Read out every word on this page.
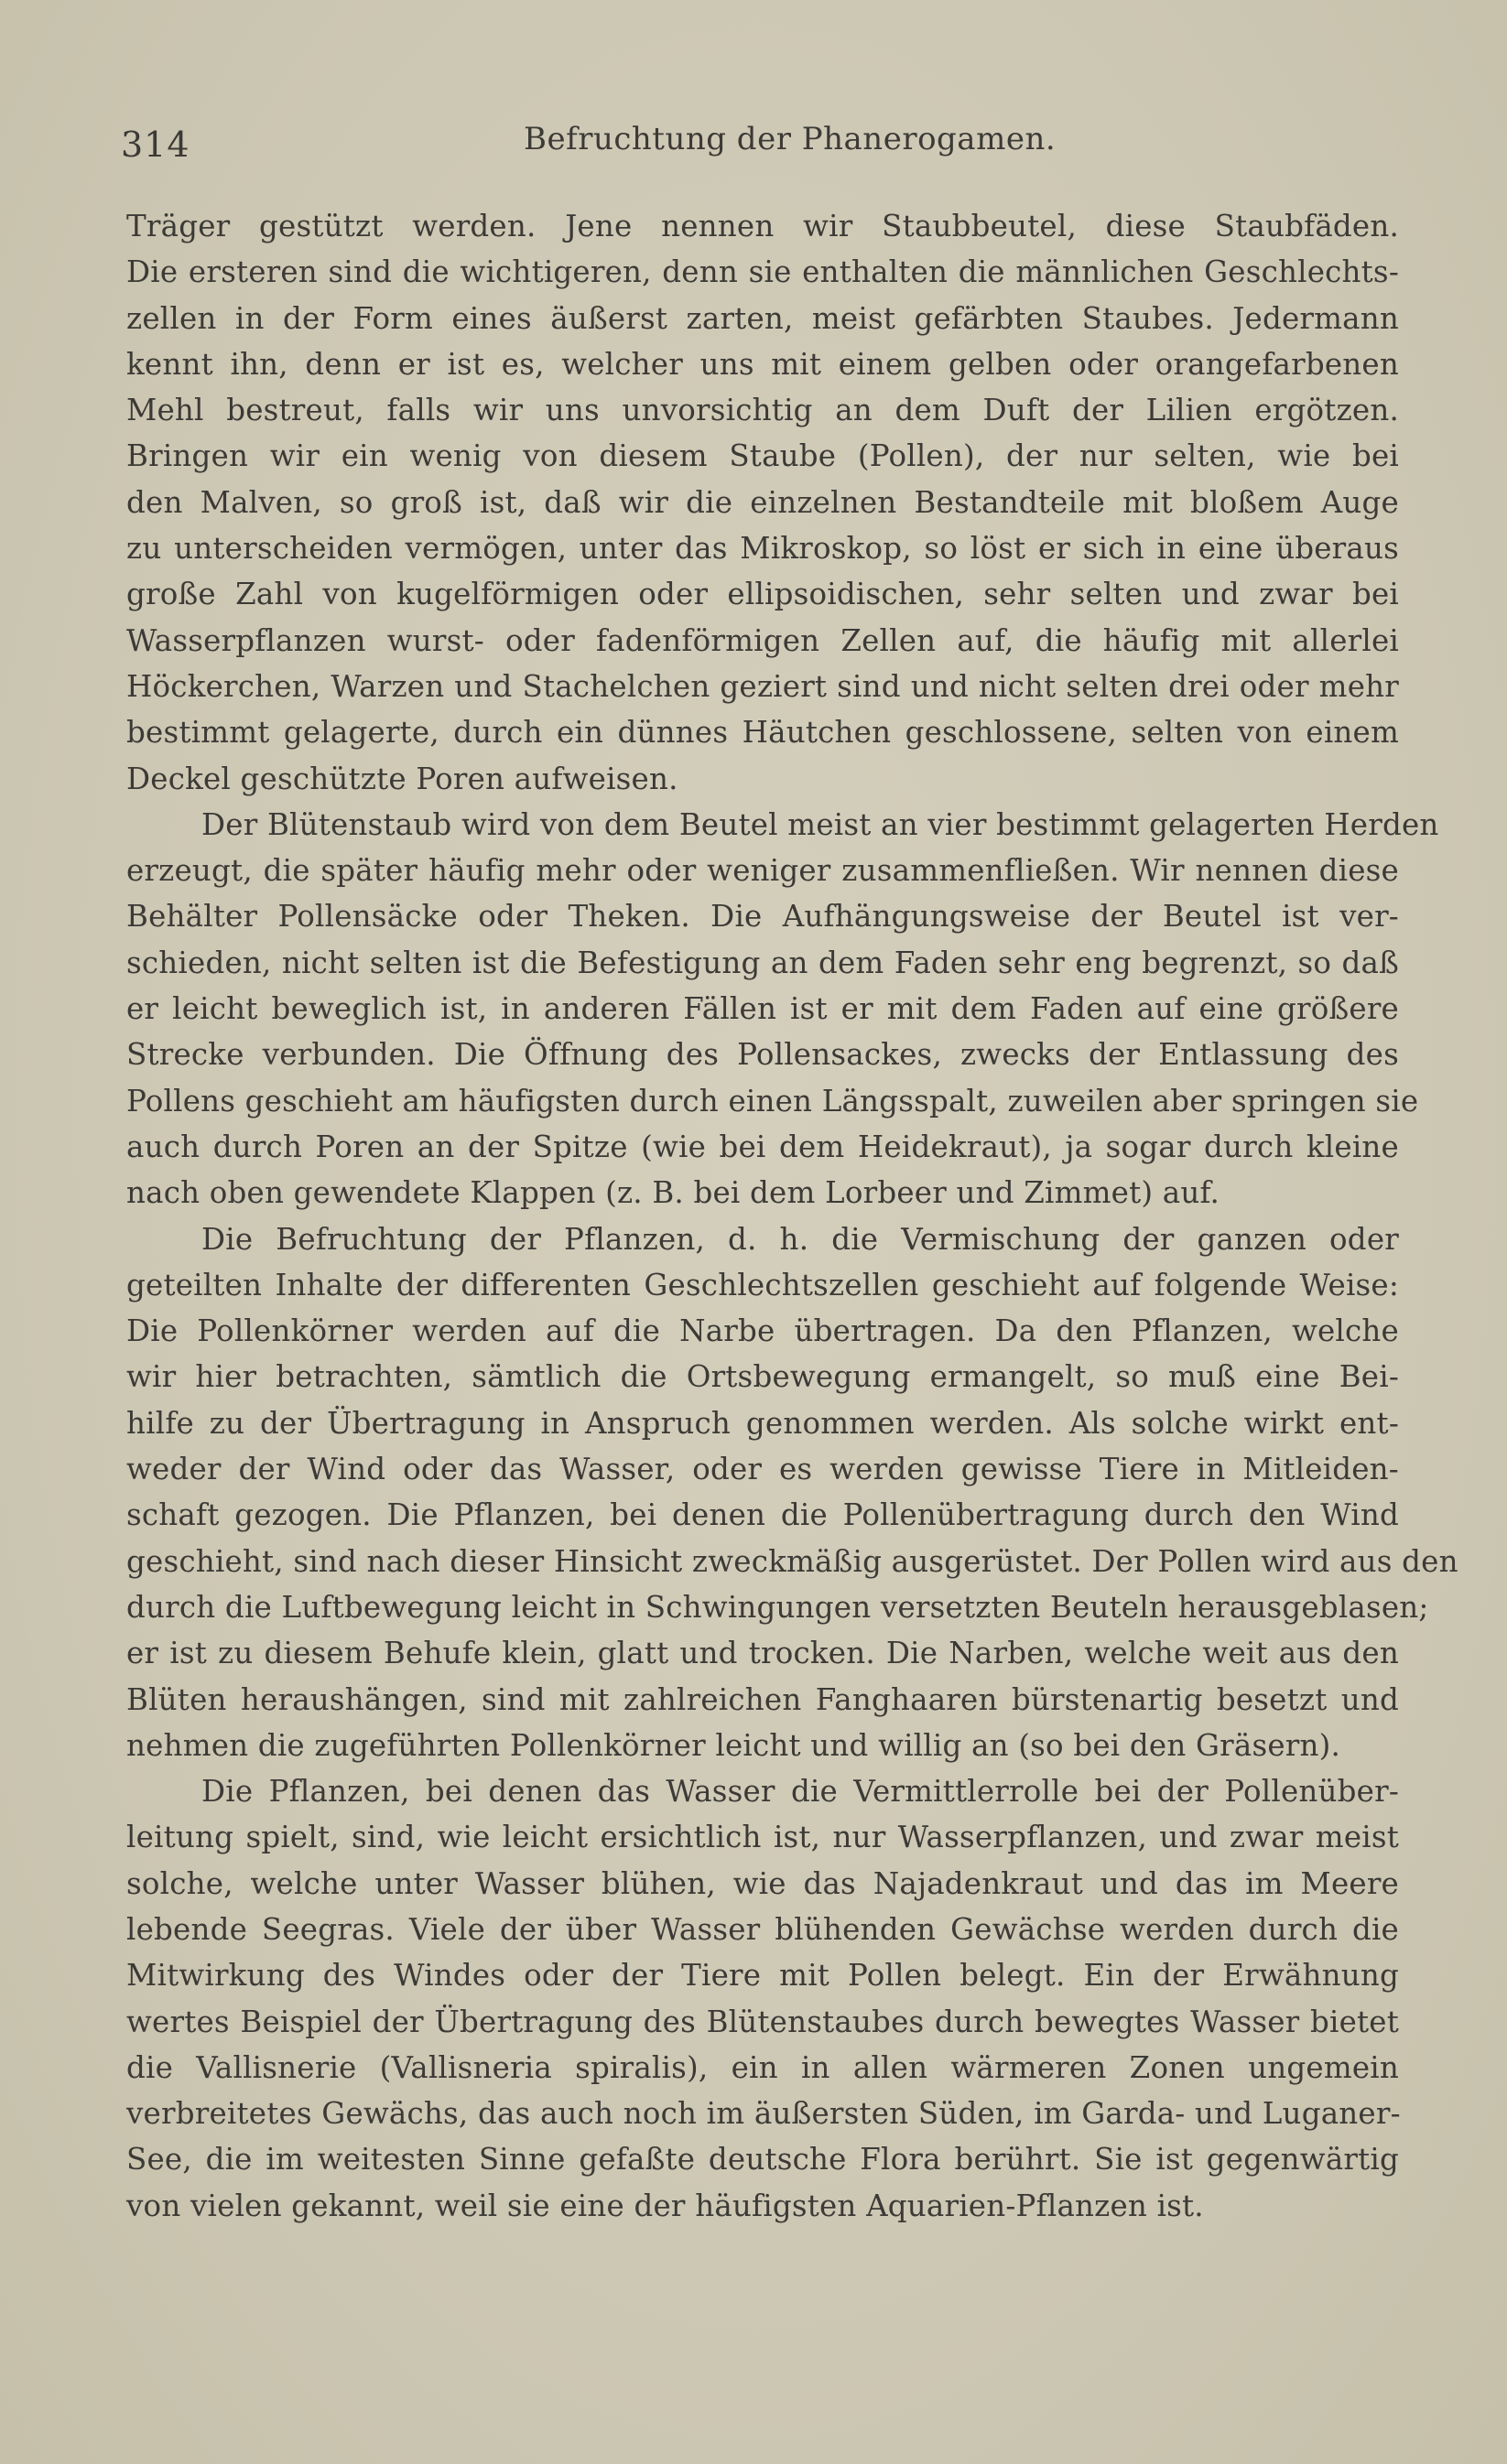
314	Befruchtung der Phanerogamen.
Träger gestützt werden. Jene nennen wir Staubbeutel, diese Staubfäden.
Die ersteren sind die wichtigeren, denn sie enthalten die männlichen Geschlechts-
zellen in der Form eines äußerst zarten, meist gefärbten Staubes. Jedermann
kennt ihn, denn er ist es, welcher uns mit einem gelben oder orangefarbenen
Mehl bestreut, falls wir uns unvorsichtig an dem Duft der Lilien ergötzen.
Bringen wir ein wenig von diesem Staube (Pollen), der nur selten, wie bei
den Malven, so groß ist, daß wir die einzelnen Bestandteile mit bloßem Auge
zu unterscheiden vermögen, unter das Mikroskop, so löst er sich in eine überaus
große Zahl von kugelförmigen oder ellipsoidischen, sehr selten und zwar bei
Wasserpflanzen wurst- oder fadenförmigen Zellen auf, die häufig mit allerlei
Höckerchen, Warzen und Stachelchen geziert sind und nicht selten drei oder mehr
bestimmt gelagerte, durch ein dünnes Häutchen geschlossene, selten von einem
Deckel geschützte Poren aufweisen.
Der Blütenstaub wird von dem Beutel meist an vier bestimmt gelagerten Herden
erzeugt, die später häufig mehr oder weniger zusammenfließen. Wir nennen diese
Behälter Pollensäcke oder Theken. Die Aufhängungsweise der Beutel ist ver-
schieden, nicht selten ist die Befestigung an dem Faden sehr eng begrenzt, so daß
er leicht beweglich ist, in anderen Fällen ist er mit dem Faden auf eine größere
Strecke verbunden. Die Öffnung des Pollensackes, zwecks der Entlassung des
Pollens geschieht am häufigsten durch einen Längsspalt, zuweilen aber springen sie
auch durch Poren an der Spitze (wie bei dem Heidekraut), ja sogar durch kleine
nach oben gewendete Klappen (z. B. bei dem Lorbeer und Zimmet) auf.
Die Befruchtung der Pflanzen, d. h. die Vermischung der ganzen oder
geteilten Inhalte der differenten Geschlechtszellen geschieht auf folgende Weise:
Die Pollenkörner werden auf die Narbe übertragen. Da den Pflanzen, welche
wir hier betrachten, sämtlich die Ortsbewegung ermangelt, so muß eine Bei-
hilfe zu der Übertragung in Anspruch genommen werden. Als solche wirkt ent-
weder der Wind oder das Wasser, oder es werden gewisse Tiere in Mitleiden-
schaft gezogen. Die Pflanzen, bei denen die Pollenübertragung durch den Wind
geschieht, sind nach dieser Hinsicht zweckmäßig ausgerüstet. Der Pollen wird aus den
durch die Luftbewegung leicht in Schwingungen versetzten Beuteln herausgeblasen;
er ist zu diesem Behufe klein, glatt und trocken. Die Narben, welche weit aus den
Blüten heraushängen, sind mit zahlreichen Fanghaaren bürstenartig besetzt und
nehmen die zugeführten Pollenkörner leicht und willig an (so bei den Gräsern).
Die Pflanzen, bei denen das Wasser die Vermittlerrolle bei der Pollenüber-
leitung spielt, sind, wie leicht ersichtlich ist, nur Wasserpflanzen, und zwar meist
solche, welche unter Wasser blühen, wie das Najadenkraut und das im Meere
lebende Seegras. Viele der über Wasser blühenden Gewächse werden durch die
Mitwirkung des Windes oder der Tiere mit Pollen belegt. Ein der Erwähnung
wertes Beispiel der Übertragung des Blütenstaubes durch bewegtes Wasser bietet
die Vallisnerie (Vallisneria spiralis), ein in allen wärmeren Zonen ungemein
verbreitetes Gewächs, das auch noch im äußersten Süden, im Garda- und Luganer-
See, die im weitesten Sinne gefaßte deutsche Flora berührt. Sie ist gegenwärtig
von vielen gekannt, weil sie eine der häufigsten Aquarien-Pflanzen ist.
